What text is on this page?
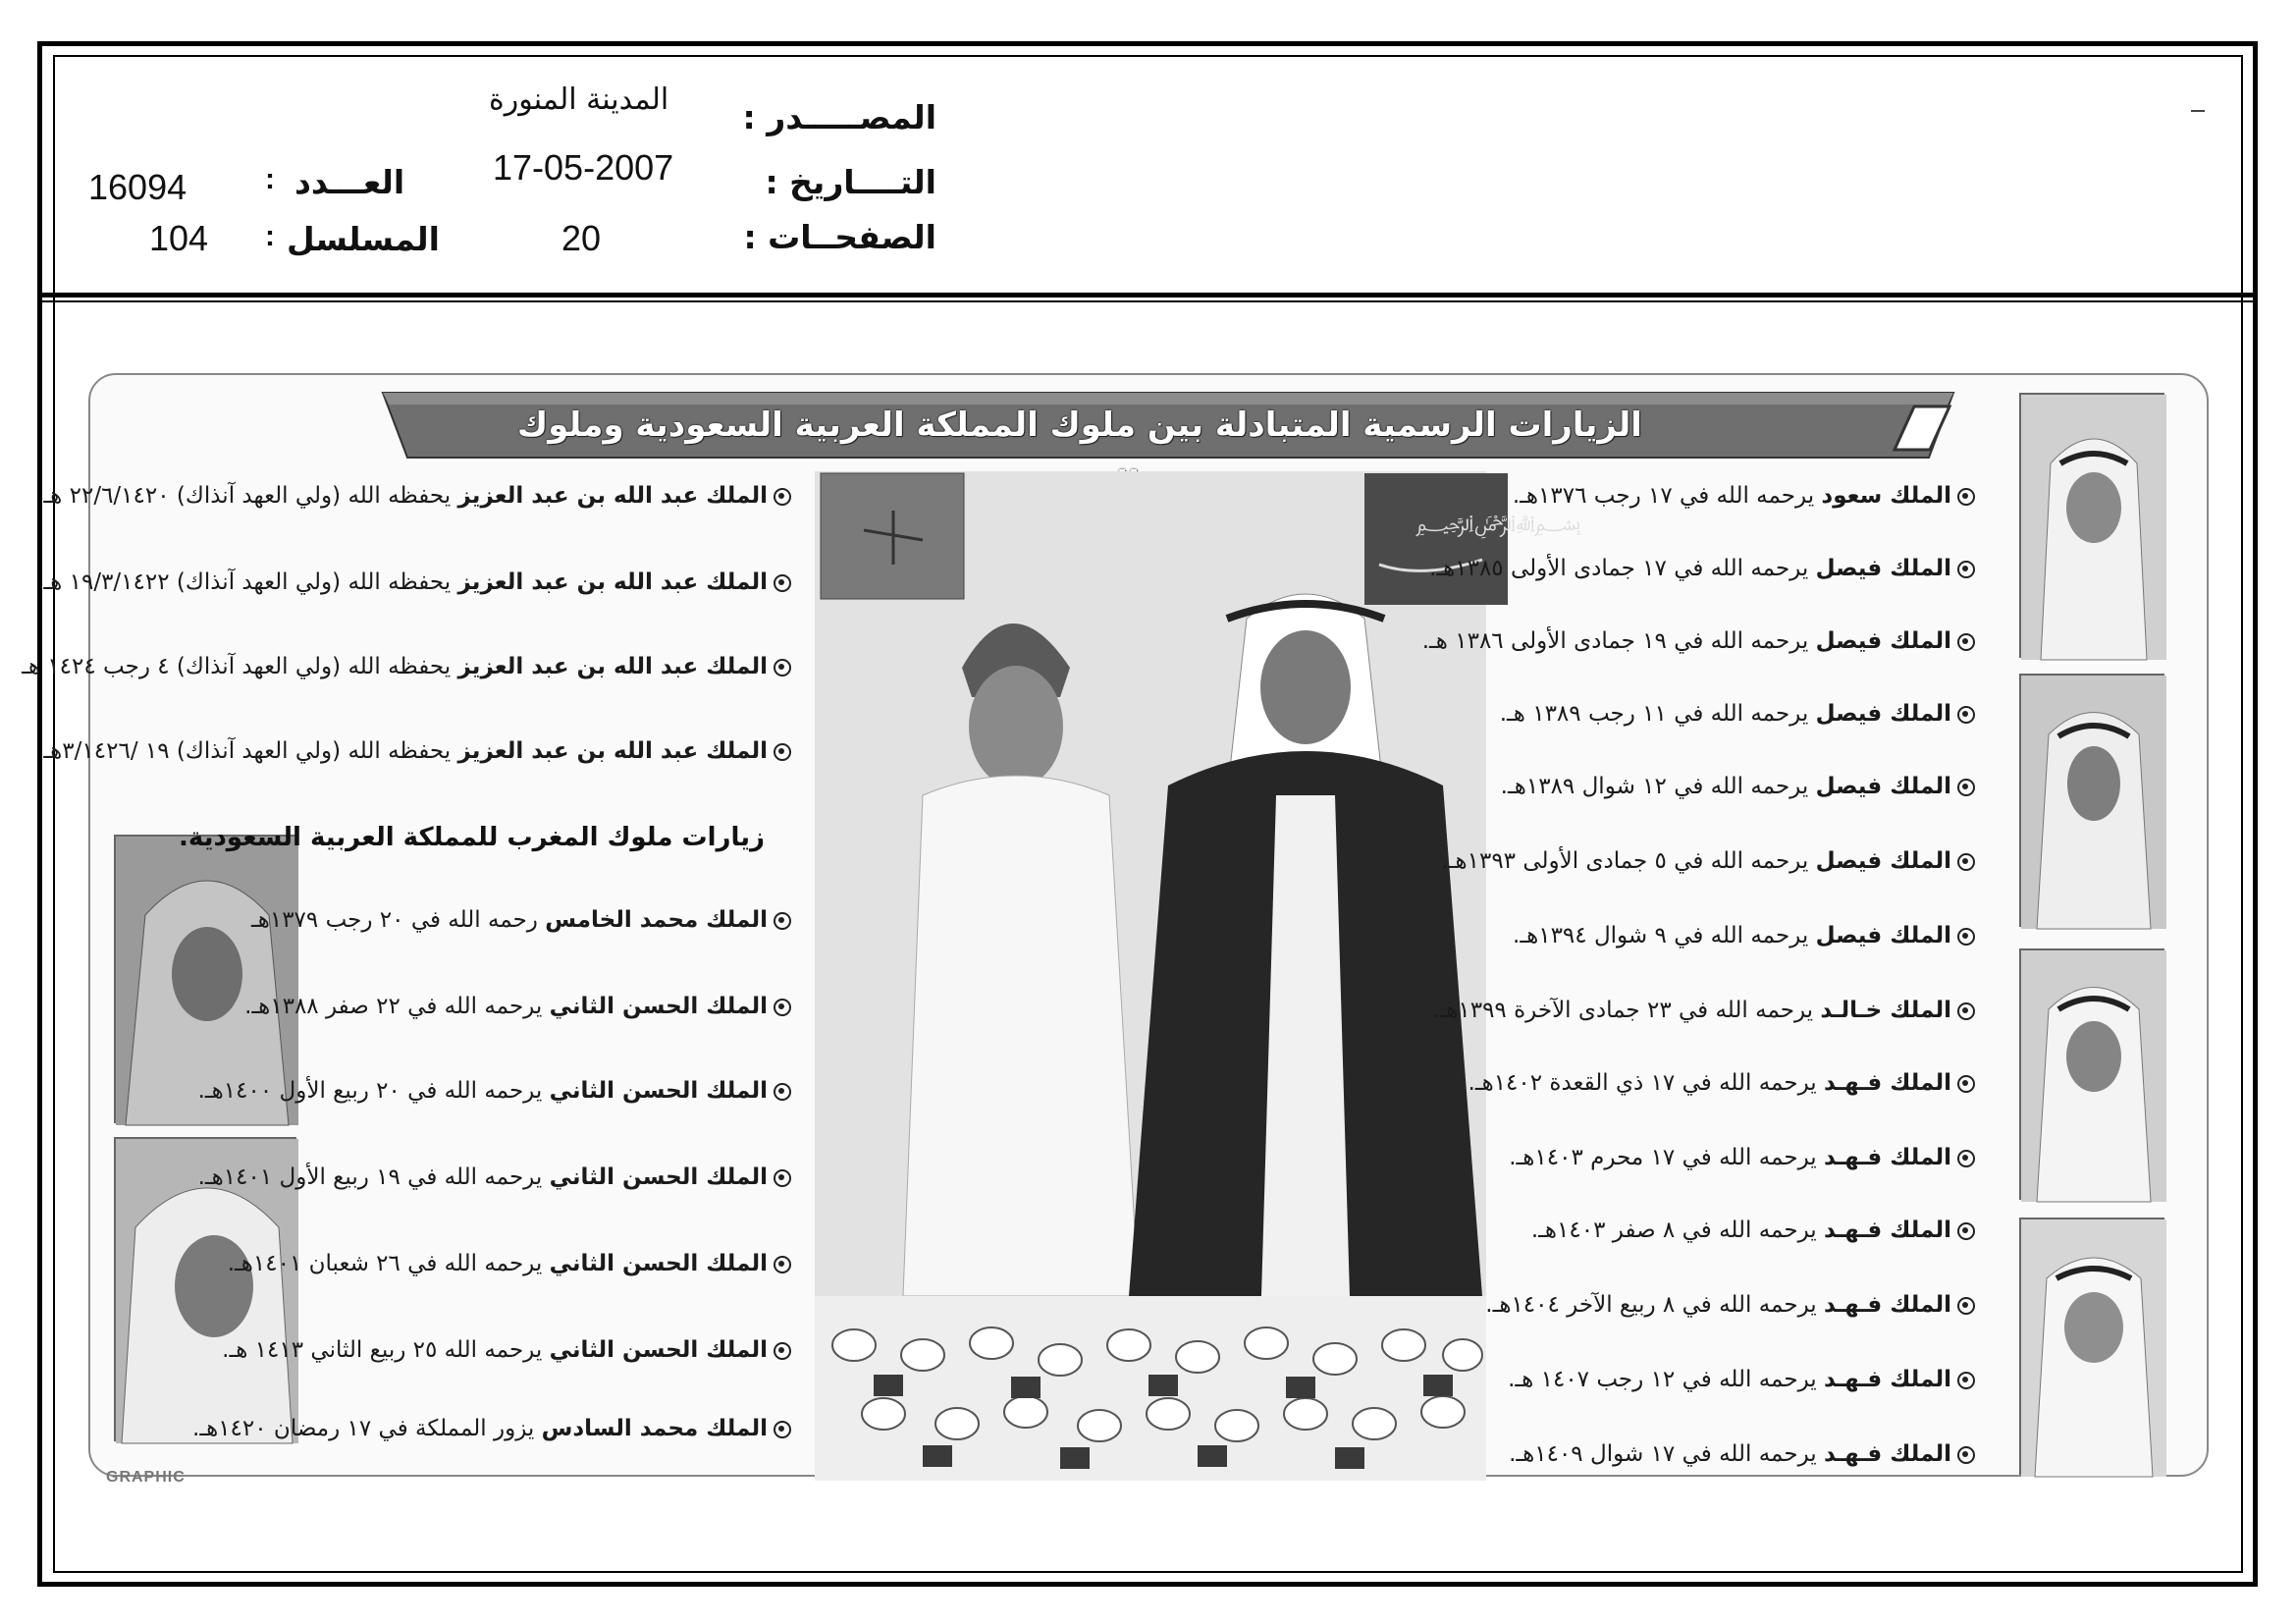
المصـــــدر :
التــــاريخ :
الصفحــات :
المدينة المنورة
17-05-2007
20
العـــدد
:
16094
المسلسل
:
104
الزيارات الرسمية المتبادلة بين ملوك المملكة العربية السعودية وملوك
﷽
الملك سعود يرحمه الله في ١٧ رجب ١٣٧٦هـ.
الملك فيصل يرحمه الله في ١٧ جمادى الأولى ١٣٨٥هـ.
الملك فيصل يرحمه الله في ١٩ جمادى الأولى ١٣٨٦ هـ.
الملك فيصل يرحمه الله في ١١ رجب ١٣٨٩ هـ.
الملك فيصل يرحمه الله في ١٢ شوال ١٣٨٩هـ.
الملك فيصل يرحمه الله في ٥ جمادى الأولى ١٣٩٣هـ.
الملك فيصل يرحمه الله في ٩ شوال ١٣٩٤هـ.
الملك خـالـد يرحمه الله في ٢٣ جمادى الآخرة ١٣٩٩هـ.
الملك فـهـد يرحمه الله في ١٧ ذي القعدة ١٤٠٢هـ.
الملك فـهـد يرحمه الله في ١٧ محرم ١٤٠٣هـ.
الملك فـهـد يرحمه الله في ٨ صفر ١٤٠٣هـ.
الملك فـهـد يرحمه الله في ٨ ربيع الآخر ١٤٠٤هـ.
الملك فـهـد يرحمه الله في ١٢ رجب ١٤٠٧ هـ.
الملك فـهـد يرحمه الله في ١٧ شوال ١٤٠٩هـ.
الملك عبد الله بن عبد العزيز يحفظه الله (ولي العهد آنذاك) ٢٢/٦/١٤٢٠ هـ
الملك عبد الله بن عبد العزيز يحفظه الله (ولي العهد آنذاك) ١٩/٣/١٤٢٢ هـ
الملك عبد الله بن عبد العزيز يحفظه الله (ولي العهد آنذاك) ٤ رجب ١٤٢٤ هـ
الملك عبد الله بن عبد العزيز يحفظه الله (ولي العهد آنذاك) ١٩ /٣/١٤٢٦هـ
زيارات ملوك المغرب للمملكة العربية السعودية.
الملك محمد الخامس رحمه الله في ٢٠ رجب ١٣٧٩هـ
الملك الحسن الثاني يرحمه الله في ٢٢ صفر ١٣٨٨هـ.
الملك الحسن الثاني يرحمه الله في ٢٠ ربيع الأول ١٤٠٠هـ.
الملك الحسن الثاني يرحمه الله في ١٩ ربيع الأول ١٤٠١هـ.
الملك الحسن الثاني يرحمه الله في ٢٦ شعبان ١٤٠١هـ.
الملك الحسن الثاني يرحمه الله ٢٥ ربيع الثاني ١٤١٣ هـ.
الملك محمد السادس يزور المملكة في ١٧ رمضان ١٤٢٠هـ.
GRAPHIC
